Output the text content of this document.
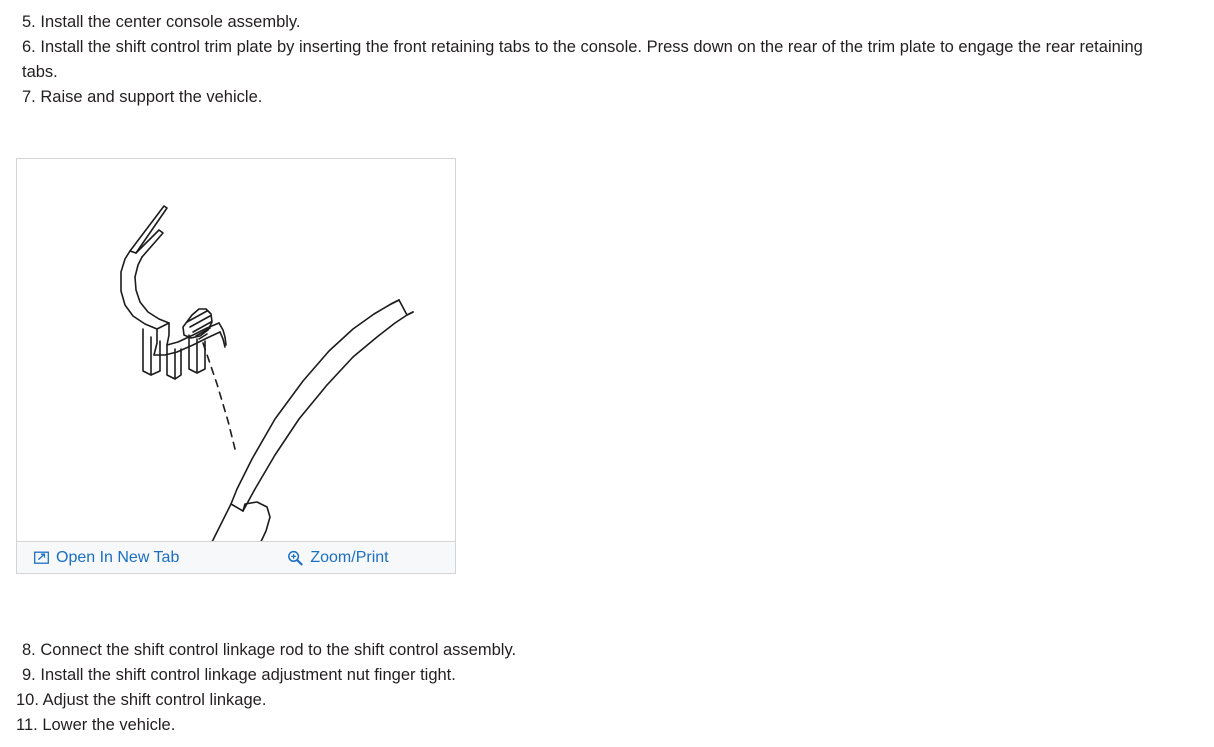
5. Install the center console assembly.
6. Install the shift control trim plate by inserting the front retaining tabs to the console. Press down on the rear of the trim plate to engage the rear retaining tabs.
7. Raise and support the vehicle.
Open In New Tab	Zoom/Print
8. Connect the shift control linkage rod to the shift control assembly.
9. Install the shift control linkage adjustment nut finger tight.
10. Adjust the shift control linkage.
11. Lower the vehicle.
